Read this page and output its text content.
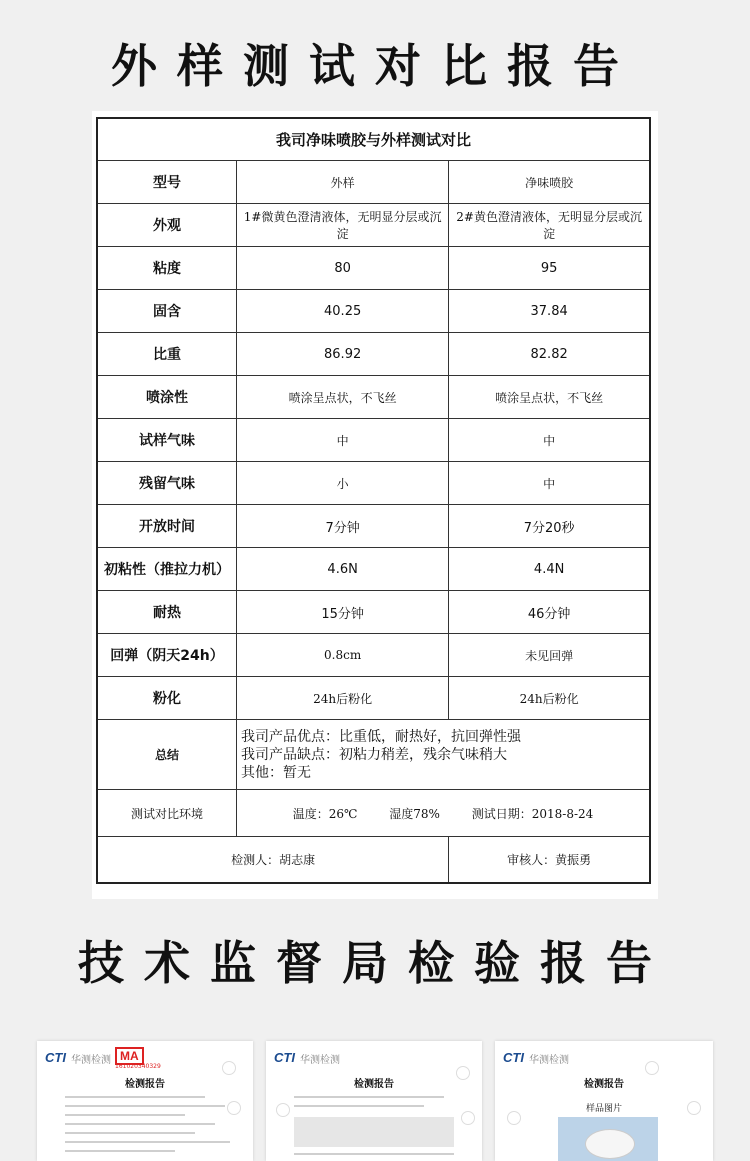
外样测试对比报告
我司净味喷胶与外样测试对比		
型号	外样	净味喷胶
外观	1#微黄色澄清液体，无明显分层或沉淀	2#黄色澄清液体，无明显分层或沉淀
粘度	80	95
固含	40.25	37.84
比重	86.92	82.82
喷涂性	喷涂呈点状，不飞丝	喷涂呈点状，不飞丝
试样气味	中	中
残留气味	小	中
开放时间	7分钟	7分20秒
初粘性（推拉力机）	4.6N	4.4N
耐热	15分钟	46分钟
回弹（阴天24h）	0.8cm	未见回弹
粉化	24h后粉化	24h后粉化
总结	我司产品优点：比重低，耐热好，抗回弹性强
我司产品缺点：初粘力稍差，残余气味稍大
其他：暂无	

测试对比环境	温度：26℃ 湿度78% 测试日期：2018-8-24	
检测人：胡志康		审核人：黄振勇
技术监督局检验报告
CTI 华测检测 MA
161020340329
检测报告
CTI 华测检测
检测报告
CTI 华测检测
检测报告
样品图片
